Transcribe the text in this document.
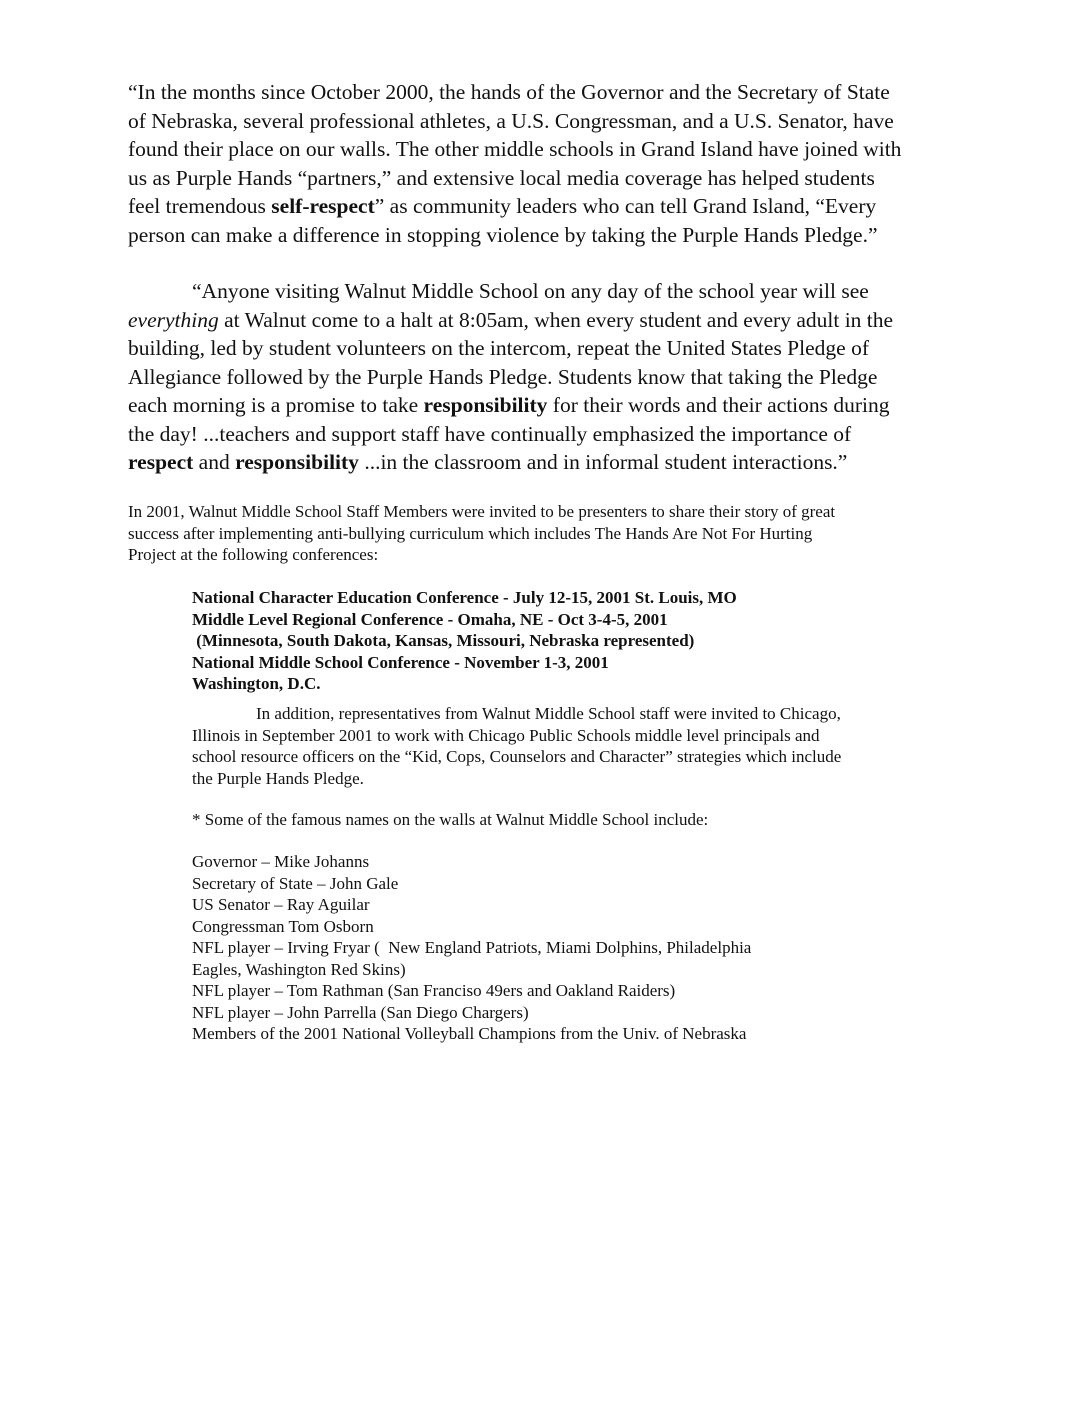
“In the months since October 2000, the hands of the Governor and the Secretary of State
of Nebraska, several professional athletes, a U.S. Congressman, and a U.S. Senator, have
found their place on our walls. The other middle schools in Grand Island have joined with
us as Purple Hands “partners,” and extensive local media coverage has helped students
feel tremendous self-respect” as community leaders who can tell Grand Island, “Every
person can make a difference in stopping violence by taking the Purple Hands Pledge.”

“Anyone visiting Walnut Middle School on any day of the school year will see
everything at Walnut come to a halt at 8:05am, when every student and every adult in the
building, led by student volunteers on the intercom, repeat the United States Pledge of
Allegiance followed by the Purple Hands Pledge. Students know that taking the Pledge
each morning is a promise to take responsibility for their words and their actions during
the day! ...teachers and support staff have continually emphasized the importance of
respect and responsibility ...in the classroom and in informal student interactions.”

In 2001, Walnut Middle School Staff Members were invited to be presenters to share their story of great
success after implementing anti-bullying curriculum which includes The Hands Are Not For Hurting
Project at the following conferences:

National Character Education Conference - July 12-15, 2001 St. Louis, MO
Middle Level Regional Conference - Omaha, NE - Oct 3-4-5, 2001
(Minnesota, South Dakota, Kansas, Missouri, Nebraska represented)
National Middle School Conference - November 1-3, 2001
Washington, D.C.

In addition, representatives from Walnut Middle School staff were invited to Chicago,
Illinois in September 2001 to work with Chicago Public Schools middle level principals and
school resource officers on the “Kid, Cops, Counselors and Character” strategies which include
the Purple Hands Pledge.

* Some of the famous names on the walls at Walnut Middle School include:

Governor – Mike Johanns
Secretary of State – John Gale
US Senator – Ray Aguilar
Congressman Tom Osborn
NFL player – Irving Fryar (  New England Patriots, Miami Dolphins, Philadelphia
Eagles, Washington Red Skins)
NFL player – Tom Rathman (San Franciso 49ers and Oakland Raiders)
NFL player – John Parrella (San Diego Chargers)
Members of the 2001 National Volleyball Champions from the Univ. of Nebraska
